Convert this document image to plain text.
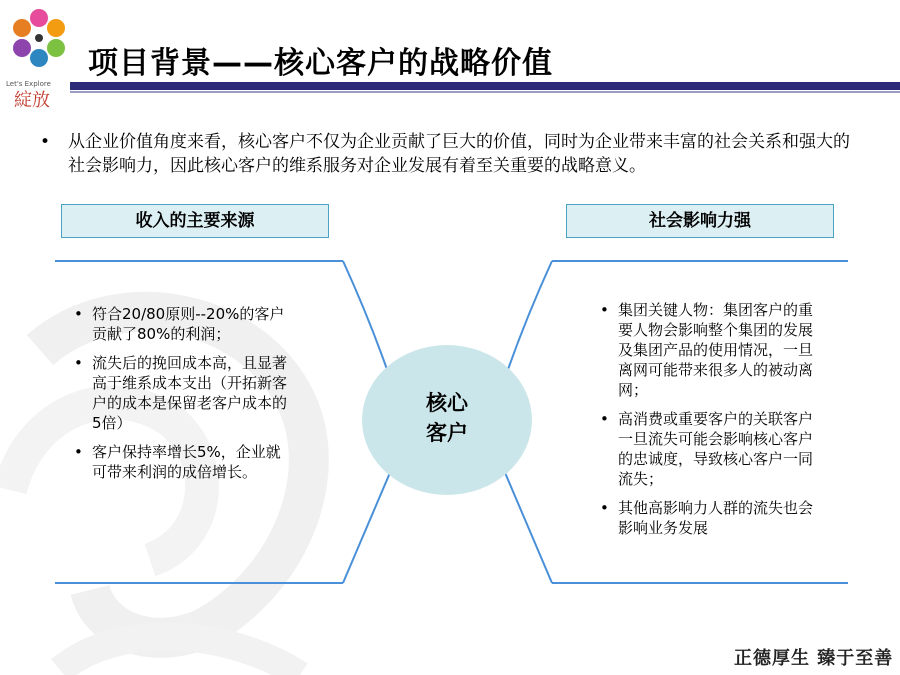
Let's Explore
綻放
项目背景——核心客户的战略价值
• 从企业价值角度来看，核心客户不仅为企业贡献了巨大的价值，同时为企业带来丰富的社会关系和强大的社会影响力，因此核心客户的维系服务对企业发展有着至关重要的战略意义。
收入的主要来源	社会影响力强
核心
客户
• 符合20/80原则--20%的客户贡献了80%的利润；
• 流失后的挽回成本高，且显著高于维系成本支出（开拓新客户的成本是保留老客户成本的5倍）
• 客户保持率增长5%，企业就可带来利润的成倍增长。
• 集团关键人物：集团客户的重要人物会影响整个集团的发展及集团产品的使用情况，一旦离网可能带来很多人的被动离网；
• 高消费或重要客户的关联客户一旦流失可能会影响核心客户的忠诚度，导致核心客户一同流失；
• 其他高影响力人群的流失也会影响业务发展
正德厚生 臻于至善
